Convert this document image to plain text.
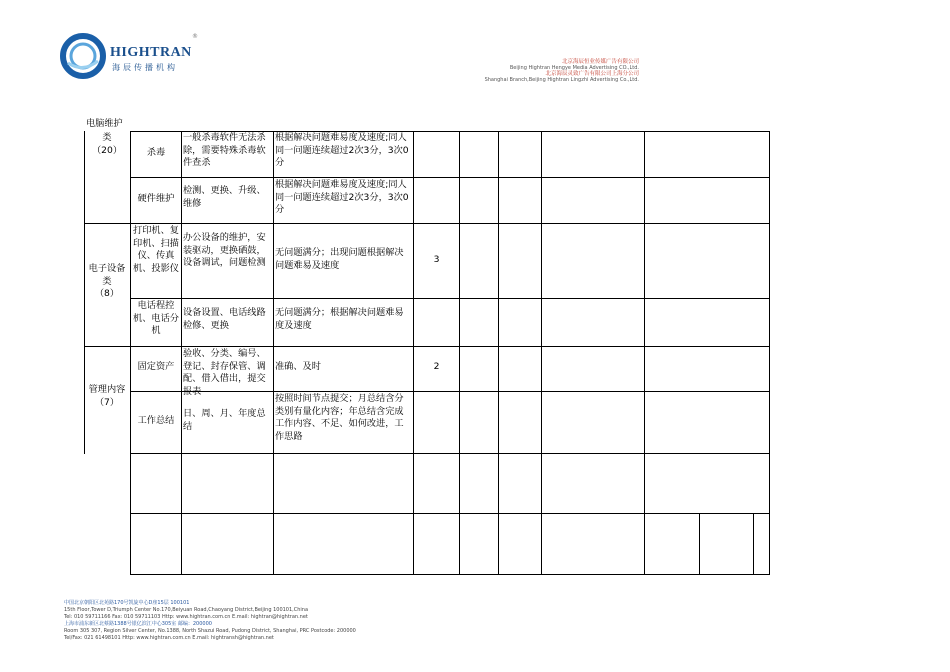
HIGHTRAN
海辰传播机构
®
北京海辰恒业传媒广告有限公司
Beijing Hightran Hengye Media Advertising CO.,Ltd.
北京海辰灵致广告有限公司上海分公司
Shanghai Branch,Beijing Hightran Lingzhi Advertising Co.,Ltd.
电脑维护
类
（20）
电子设备
类
（8）
管理内容
（7）
杀毒
一般杀毒软件无法杀除，需要特殊杀毒软件查杀
根据解决问题难易度及速度;同人同一问题连续超过2次3分，3次0分
硬件维护
检测、更换、升级、维修
根据解决问题难易度及速度;同人同一问题连续超过2次3分，3次0分
打印机、复印机、扫描仪、传真机、投影仪
办公设备的维护，安装驱动，更换硒鼓，设备调试，问题检测
无问题满分；出现问题根据解决问题难易及速度	3
电话程控机、电话分机
设备设置、电话线路检修、更换
无问题满分；根据解决问题难易度及速度
固定资产
验收、分类、编号、登记、封存保管、调配、借入借出，提交报表
准确、及时	2
工作总结
日、周、月、年度总结
按照时间节点提交；月总结含分类别有量化内容；年总结含完成工作内容、不足、如何改进，工作思路
中国北京朝阳区北苑路170号凯旋中心D座15层 100101
15th Floor,Tower D,Triumph Center No.170,Beiyuan Road,Chaoyang District,Beijing 100101,China
Tel: 010 59711166 Fax: 010 59711103 Http: www.hightran.com.cn E.mail: hightran@hightran.net
上海市浦东新区北蔡路1388号银亿滨江中心305室 邮编：200000
Room 305 307, Region Silver Center, No.1388, North Shazui Road, Pudong District, Shanghai, PRC Postcode: 200000
Tel/Fax: 021 61498101 Http: www.hightran.com.cn E.mail: hightransh@hightran.net
